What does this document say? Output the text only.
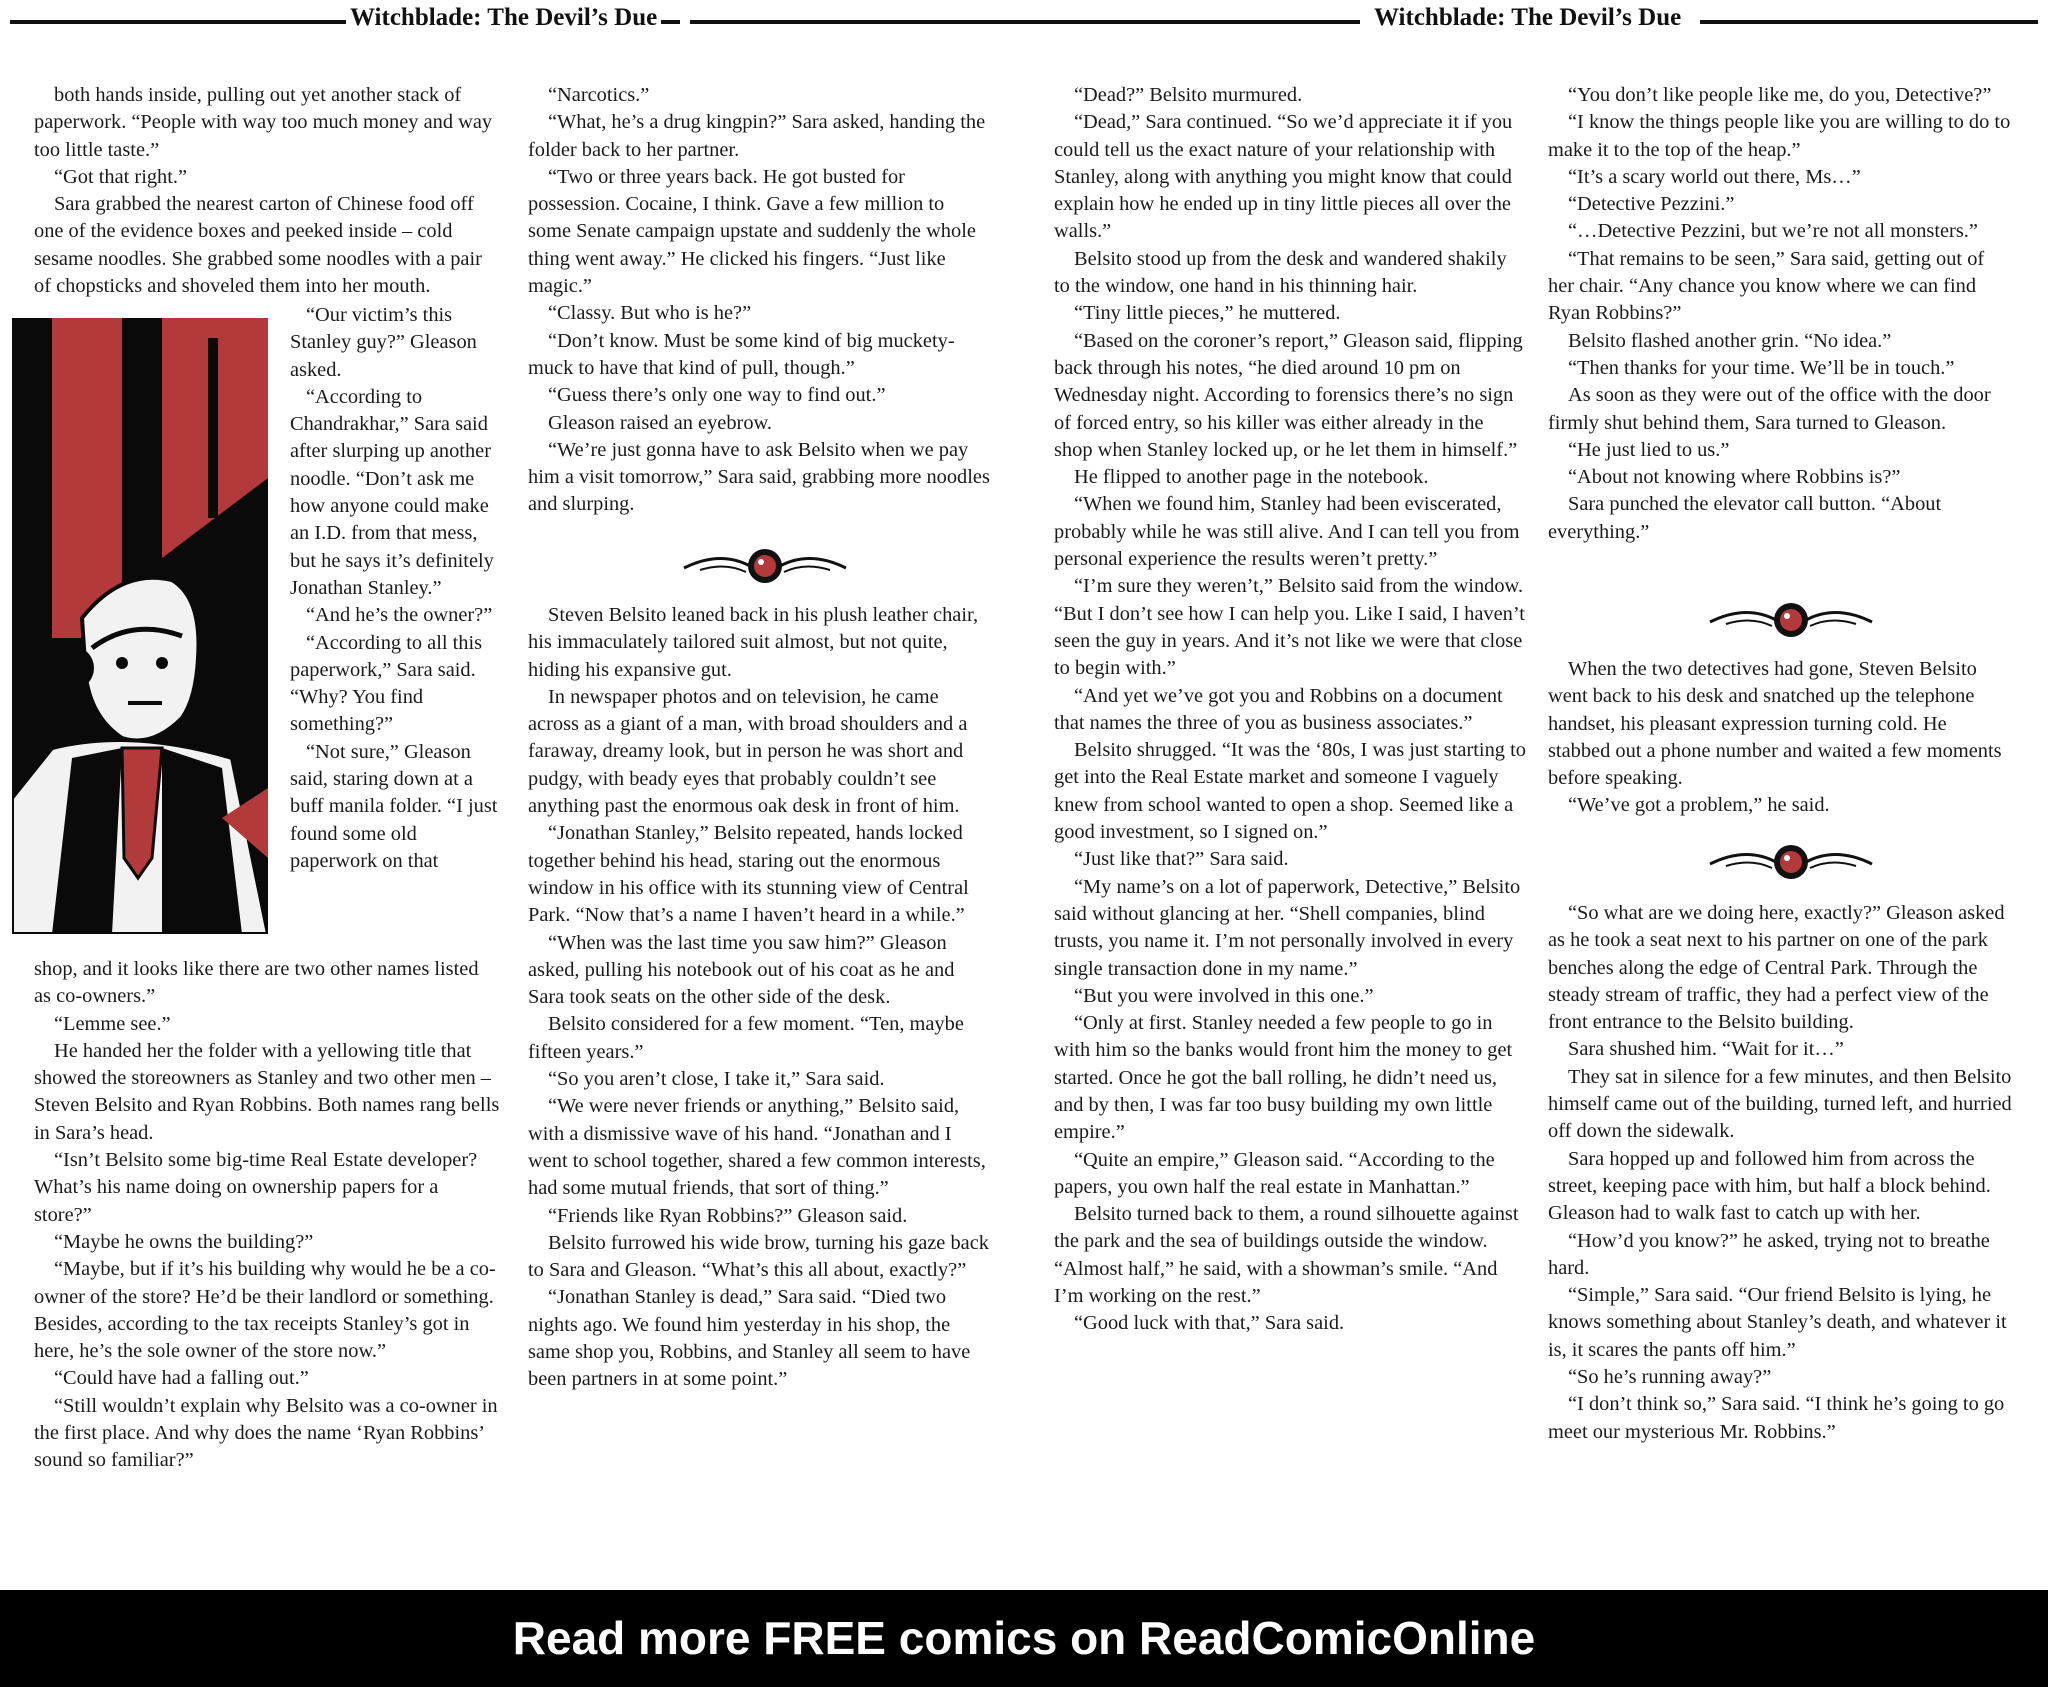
Witchblade: The Devil’s Due	Witchblade: The Devil’s Due

both hands inside, pulling out yet another stack of paperwork. “People with way too much money and way too little taste.”

“Got that right.”

Sara grabbed the nearest carton of Chinese food off one of the evidence boxes and peeked inside – cold sesame noodles. She grabbed some noodles with a pair of chopsticks and shoveled them into her mouth.

“Our victim’s this Stanley guy?” Gleason asked.

“According to Chandrakhar,” Sara said after slurping up another noodle. “Don’t ask me how anyone could make an I.D. from that mess, but he says it’s definitely Jonathan Stanley.”

“And he’s the owner?”

“According to all this paperwork,” Sara said. “Why? You find something?”

“Not sure,” Gleason said, staring down at a buff manila folder. “I just found some old paperwork on that

shop, and it looks like there are two other names listed as co-owners.”

“Lemme see.”

He handed her the folder with a yellowing title that showed the storeowners as Stanley and two other men – Steven Belsito and Ryan Robbins. Both names rang bells in Sara’s head.

“Isn’t Belsito some big-time Real Estate developer? What’s his name doing on ownership papers for a store?”

“Maybe he owns the building?”

“Maybe, but if it’s his building why would he be a co-owner of the store? He’d be their landlord or something. Besides, according to the tax receipts Stanley’s got in here, he’s the sole owner of the store now.”

“Could have had a falling out.”

“Still wouldn’t explain why Belsito was a co-owner in the first place. And why does the name ‘Ryan Robbins’ sound so familiar?”

“Narcotics.”

“What, he’s a drug kingpin?” Sara asked, handing the folder back to her partner.

“Two or three years back. He got busted for possession. Cocaine, I think. Gave a few million to some Senate campaign upstate and suddenly the whole thing went away.” He clicked his fingers. “Just like magic.”

“Classy. But who is he?”

“Don’t know. Must be some kind of big muckety-muck to have that kind of pull, though.”

“Guess there’s only one way to find out.”

Gleason raised an eyebrow.

“We’re just gonna have to ask Belsito when we pay him a visit tomorrow,” Sara said, grabbing more noodles and slurping.

Steven Belsito leaned back in his plush leather chair, his immaculately tailored suit almost, but not quite, hiding his expansive gut.

In newspaper photos and on television, he came across as a giant of a man, with broad shoulders and a faraway, dreamy look, but in person he was short and pudgy, with beady eyes that probably couldn’t see anything past the enormous oak desk in front of him.

“Jonathan Stanley,” Belsito repeated, hands locked together behind his head, staring out the enormous window in his office with its stunning view of Central Park. “Now that’s a name I haven’t heard in a while.”

“When was the last time you saw him?” Gleason asked, pulling his notebook out of his coat as he and Sara took seats on the other side of the desk.

Belsito considered for a few moment. “Ten, maybe fifteen years.”

“So you aren’t close, I take it,” Sara said.

“We were never friends or anything,” Belsito said, with a dismissive wave of his hand. “Jonathan and I went to school together, shared a few common interests, had some mutual friends, that sort of thing.”

“Friends like Ryan Robbins?” Gleason said.

Belsito furrowed his wide brow, turning his gaze back to Sara and Gleason. “What’s this all about, exactly?”

“Jonathan Stanley is dead,” Sara said. “Died two nights ago. We found him yesterday in his shop, the same shop you, Robbins, and Stanley all seem to have been partners in at some point.”

“Dead?” Belsito murmured.

“Dead,” Sara continued. “So we’d appreciate it if you could tell us the exact nature of your relationship with Stanley, along with anything you might know that could explain how he ended up in tiny little pieces all over the walls.”

Belsito stood up from the desk and wandered shakily to the window, one hand in his thinning hair.

“Tiny little pieces,” he muttered.

“Based on the coroner’s report,” Gleason said, flipping back through his notes, “he died around 10 pm on Wednesday night. According to forensics there’s no sign of forced entry, so his killer was either already in the shop when Stanley locked up, or he let them in himself.”

He flipped to another page in the notebook.

“When we found him, Stanley had been eviscerated, probably while he was still alive. And I can tell you from personal experience the results weren’t pretty.”

“I’m sure they weren’t,” Belsito said from the window. “But I don’t see how I can help you. Like I said, I haven’t seen the guy in years. And it’s not like we were that close to begin with.”

“And yet we’ve got you and Robbins on a document that names the three of you as business associates.”

Belsito shrugged. “It was the ‘80s, I was just starting to get into the Real Estate market and someone I vaguely knew from school wanted to open a shop. Seemed like a good investment, so I signed on.”

“Just like that?” Sara said.

“My name’s on a lot of paperwork, Detective,” Belsito said without glancing at her. “Shell companies, blind trusts, you name it. I’m not personally involved in every single transaction done in my name.”

“But you were involved in this one.”

“Only at first. Stanley needed a few people to go in with him so the banks would front him the money to get started. Once he got the ball rolling, he didn’t need us, and by then, I was far too busy building my own little empire.”

“Quite an empire,” Gleason said. “According to the papers, you own half the real estate in Manhattan.”

Belsito turned back to them, a round silhouette against the park and the sea of buildings outside the window. “Almost half,” he said, with a showman’s smile. “And I’m working on the rest.”

“Good luck with that,” Sara said.

“You don’t like people like me, do you, Detective?”

“I know the things people like you are willing to do to make it to the top of the heap.”

“It’s a scary world out there, Ms…”

“Detective Pezzini.”

“…Detective Pezzini, but we’re not all monsters.”

“That remains to be seen,” Sara said, getting out of her chair. “Any chance you know where we can find Ryan Robbins?”

Belsito flashed another grin. “No idea.”

“Then thanks for your time. We’ll be in touch.”

As soon as they were out of the office with the door firmly shut behind them, Sara turned to Gleason.

“He just lied to us.”

“About not knowing where Robbins is?”

Sara punched the elevator call button. “About everything.”

When the two detectives had gone, Steven Belsito went back to his desk and snatched up the telephone handset, his pleasant expression turning cold. He stabbed out a phone number and waited a few moments before speaking.

“We’ve got a problem,” he said.

“So what are we doing here, exactly?” Gleason asked as he took a seat next to his partner on one of the park benches along the edge of Central Park. Through the steady stream of traffic, they had a perfect view of the front entrance to the Belsito building.

Sara shushed him. “Wait for it…”

They sat in silence for a few minutes, and then Belsito himself came out of the building, turned left, and hurried off down the sidewalk.

Sara hopped up and followed him from across the street, keeping pace with him, but half a block behind. Gleason had to walk fast to catch up with her.

“How’d you know?” he asked, trying not to breathe hard.

“Simple,” Sara said. “Our friend Belsito is lying, he knows something about Stanley’s death, and whatever it is, it scares the pants off him.”

“So he’s running away?”

“I don’t think so,” Sara said. “I think he’s going to go meet our mysterious Mr. Robbins.”

Read more FREE comics on ReadComicOnline
